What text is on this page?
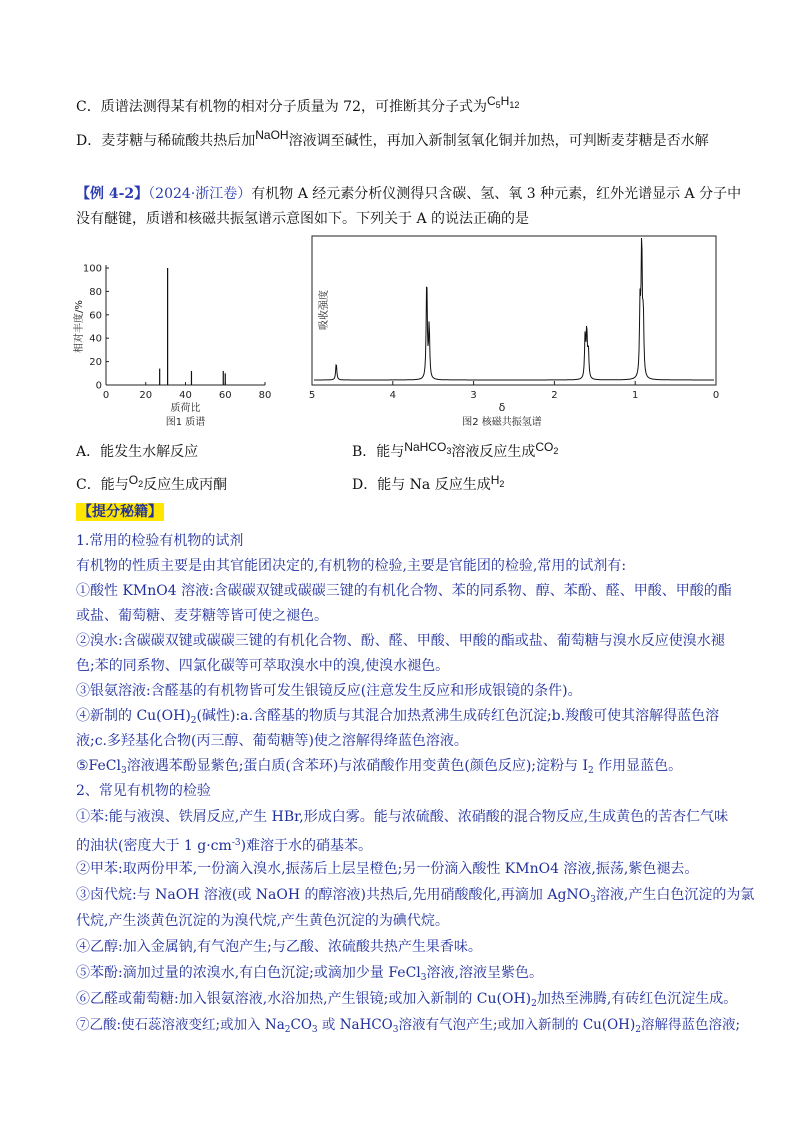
C．质谱法测得某有机物的相对分子质量为 72，可推断其分子式为$C_5H_{12}$
D．麦芽糖与稀硫酸共热后加NaOH溶液调至碱性，再加入新制氢氧化铜并加热，可判断麦芽糖是否水解
【例 4-2】（2024·浙江卷）有机物 A 经元素分析仪测得只含碳、氢、氧 3 种元素，红外光谱显示 A 分子中
没有醚键，质谱和核磁共振氢谱示意图如下。下列关于 A 的说法正确的是
0	20	40	60	80
0
20
40
60
80
100
质荷比
图1 质谱
相对丰度/%
5	4	3	2	1	0
δ
图2 核磁共振氢谱
吸收强度
A．能发生水解反应	B．能与NaHCO$_3$溶液反应生成$CO_2$
C．能与$O_2$反应生成丙酮	D．能与 Na 反应生成$H_2$
【提分秘籍】
1.常用的检验有机物的试剂
有机物的性质主要是由其官能团决定的,有机物的检验,主要是官能团的检验,常用的试剂有:
①酸性 KMnO4 溶液:含碳碳双键或碳碳三键的有机化合物、苯的同系物、醇、苯酚、醛、甲酸、甲酸的酯
或盐、葡萄糖、麦芽糖等皆可使之褪色。
②溴水:含碳碳双键或碳碳三键的有机化合物、酚、醛、甲酸、甲酸的酯或盐、葡萄糖与溴水反应使溴水褪
色;苯的同系物、四氯化碳等可萃取溴水中的溴,使溴水褪色。
③银氨溶液:含醛基的有机物皆可发生银镜反应(注意发生反应和形成银镜的条件)。
④新制的 $Cu(OH)_2$(碱性):a.含醛基的物质与其混合加热煮沸生成砖红色沉淀;b.羧酸可使其溶解得蓝色溶
液;c.多羟基化合物(丙三醇、葡萄糖等)使之溶解得绛蓝色溶液。
⑤FeCl$_3$溶液遇苯酚显紫色;蛋白质(含苯环)与浓硝酸作用变黄色(颜色反应);淀粉与 $I_2$ 作用显蓝色。
2、常见有机物的检验
①苯:能与液溴、铁屑反应,产生 HBr,形成白雾。能与浓硫酸、浓硝酸的混合物反应,生成黄色的苦杏仁气味
的油状(密度大于 1 $g\cdot cm^{-3}$)难溶于水的硝基苯。
②甲苯:取两份甲苯,一份滴入溴水,振荡后上层呈橙色;另一份滴入酸性 KMnO4 溶液,振荡,紫色褪去。
③卤代烷:与 NaOH 溶液(或 NaOH 的醇溶液)共热后,先用硝酸酸化,再滴加 AgNO$_3$溶液,产生白色沉淀的为氯
代烷,产生淡黄色沉淀的为溴代烷,产生黄色沉淀的为碘代烷。
④乙醇:加入金属钠,有气泡产生;与乙酸、浓硫酸共热产生果香味。
⑤苯酚:滴加过量的浓溴水,有白色沉淀;或滴加少量 FeCl$_3$溶液,溶液呈紫色。
⑥乙醛或葡萄糖:加入银氨溶液,水浴加热,产生银镜;或加入新制的 $Cu(OH)_2$加热至沸腾,有砖红色沉淀生成。
⑦乙酸:使石蕊溶液变红;或加入 $Na_2CO_3$ 或 NaHCO$_3$溶液有气泡产生;或加入新制的 $Cu(OH)_2$溶解得蓝色溶液;
